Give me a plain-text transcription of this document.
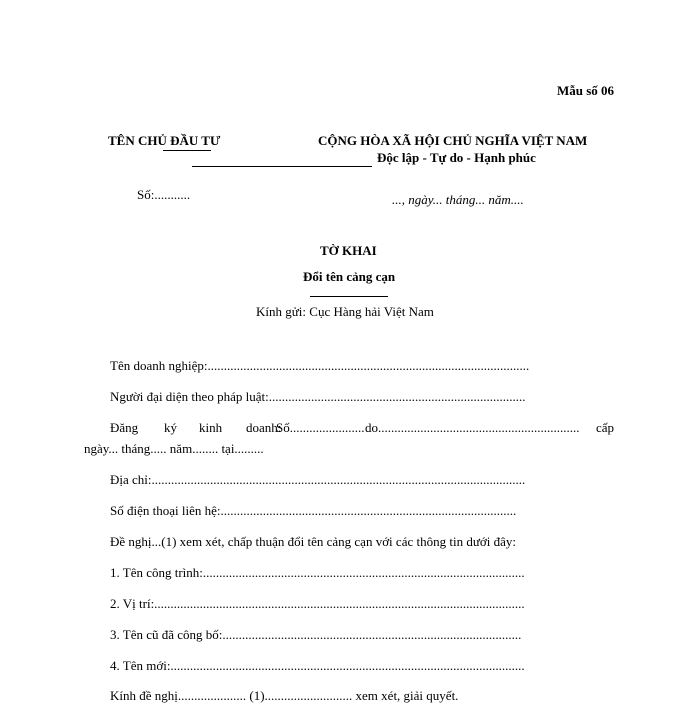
Mẫu số 06
TÊN CHỦ ĐẦU TƯ	CỘNG HÒA XÃ HỘI CHỦ NGHĨA VIỆT NAM
Độc lập - Tự do - Hạnh phúc
Số:...........	..., ngày... tháng... năm....
TỜ KHAI
Đổi tên cảng cạn
Kính gửi: Cục Hàng hải Việt Nam
Tên doanh nghiệp:...................................................................................................
Người đại diện theo pháp luật:...............................................................................
Đăng ký kinh doanh:
Số....................... do.............................................................. cấp
ngày... tháng..... năm........ tại.........
Địa chỉ:...................................................................................................................
Số điện thoại liên hệ:...........................................................................................
Đề nghị...(1) xem xét, chấp thuận đổi tên cảng cạn với các thông tin dưới đây:
1. Tên công trình:...................................................................................................
2. Vị trí:..................................................................................................................
3. Tên cũ đã công bố:............................................................................................
4. Tên mới:.............................................................................................................
Kính đề nghị..................... (1)........................... xem xét, giải quyết.
